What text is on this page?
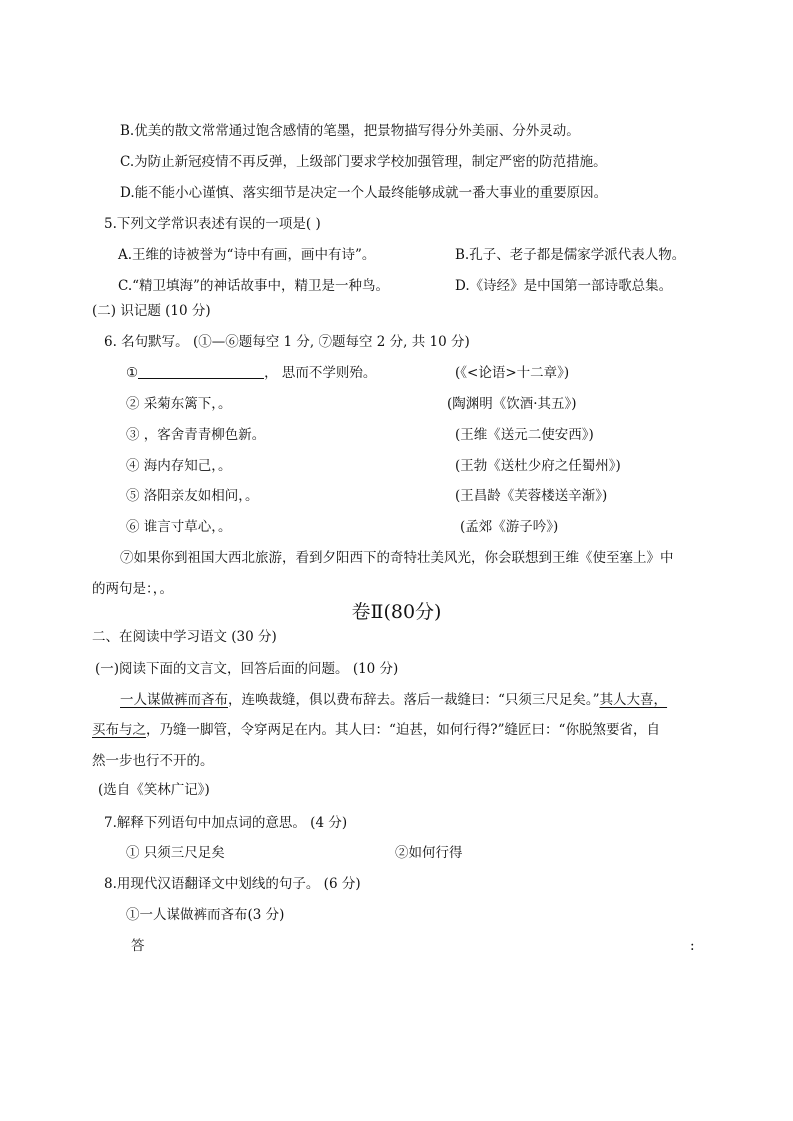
B.优美的散文常常通过饱含感情的笔墨，把景物描写得分外美丽、分外灵动。
C.为防止新冠疫情不再反弹，上级部门要求学校加强管理，制定严密的防范措施。
D.能不能小心谨慎、落实细节是决定一个人最终能够成就一番大事业的重要原因。
5.下列文学常识表述有误的一项是( )
A.王维的诗被誉为“诗中有画，画中有诗”。	B.孔子、老子都是儒家学派代表人物。
C.“精卫填海”的神话故事中，精卫是一种鸟。	D.《诗经》是中国第一部诗歌总集。
(二) 识记题 (10 分)
6. 名句默写。 (①—⑥题每空 1 分, ⑦题每空 2 分, 共 10 分)
①	， 思而不学则殆。	(《<论语>十二章》)
② 采菊东篱下，。	(陶渊明《饮酒·其五》)
③ ，客舍青青柳色新。	(王维《送元二使安西》)
④ 海内存知己，。	(王勃《送杜少府之任蜀州》)
⑤ 洛阳亲友如相问，。	(王昌龄《芙蓉楼送辛渐》)
⑥ 谁言寸草心，。	(孟郊《游子吟》)
⑦如果你到祖国大西北旅游，看到夕阳西下的奇特壮美风光，你会联想到王维《使至塞上》中
的两句是：，。
卷Ⅱ(80分)
二、在阅读中学习语文 (30 分)
(一)阅读下面的文言文，回答后面的问题。 (10 分)
一人谋做裤而吝布，连唤裁缝，俱以费布辞去。落后一裁缝曰：“只须三尺足矣。”其人大喜，
买布与之，乃缝一脚管，令穿两足在内。其人曰：“迫甚，如何行得?”缝匠曰：“你脱煞要省，自
然一步也行不开的。
(选自《笑林广记》)
7.解释下列语句中加点词的意思。 (4 分)
① 只须三尺足矣	②如何行得
8.用现代汉语翻译文中划线的句子。 (6 分)
①一人谋做裤而吝布(3 分)
答	:
